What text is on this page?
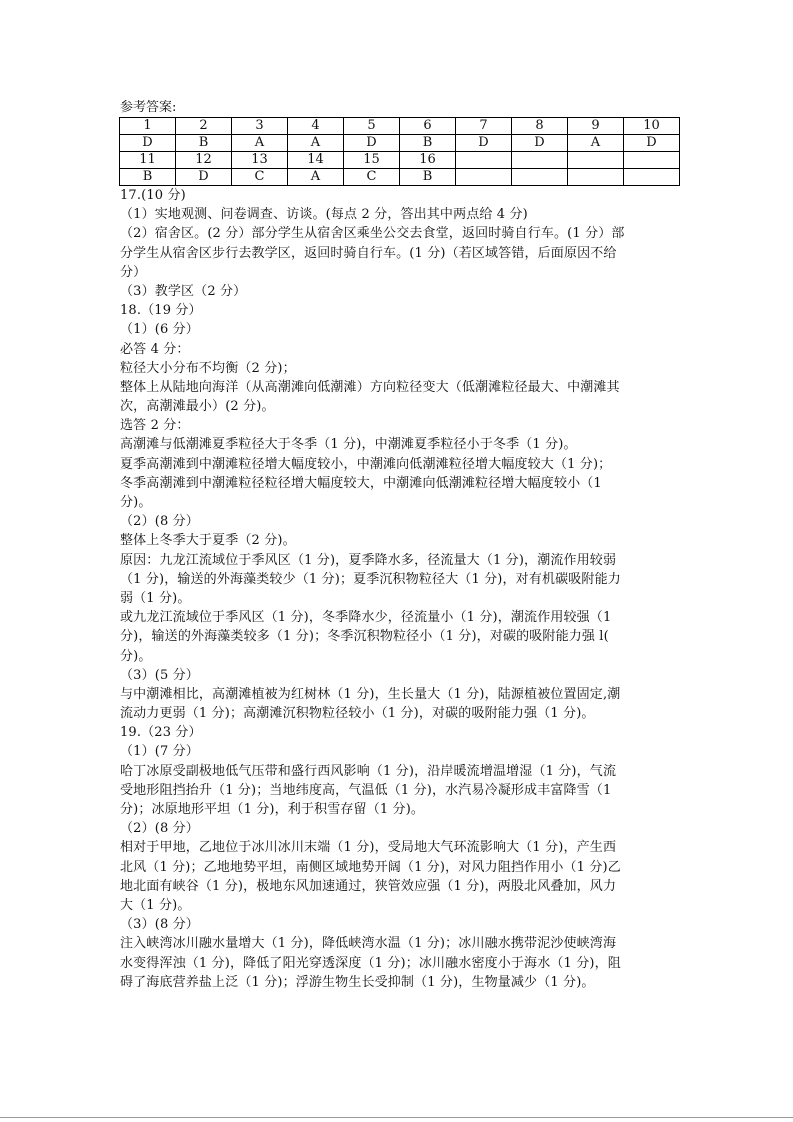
参考答案:
1	2	3	4	5	6	7	8	9	10
D	B	A	A	D	B	D	D	A	D
11	12	13	14	15	16				
B	D	C	A	C	B				
17.(10 分)
（1）实地观测、问卷调查、访谈。(每点 2 分，答出其中两点给 4 分)
（2）宿舍区。(2 分）部分学生从宿舍区乘坐公交去食堂，返回时骑自行车。(1 分）部
分学生从宿舍区步行去教学区，返回时骑自行车。(1 分)（若区域答错，后面原因不给
分）
（3）教学区（2 分）
18.（19 分）
（1）(6 分）
必答 4 分：
粒径大小分布不均衡（2 分)；
整体上从陆地向海洋（从高潮滩向低潮滩）方向粒径变大（低潮滩粒径最大、中潮滩其
次，高潮滩最小）(2 分)。
选答 2 分：
高潮滩与低潮滩夏季粒径大于冬季（1 分)，中潮滩夏季粒径小于冬季（1 分)。
夏季高潮滩到中潮滩粒径增大幅度较小，中潮滩向低潮滩粒径增大幅度较大（1 分)；
冬季高潮滩到中潮滩粒径粒径增大幅度较大，中潮滩向低潮滩粒径增大幅度较小（1
分)。
（2）(8 分）
整体上冬季大于夏季（2 分)。
原因：九龙江流域位于季风区（1 分)，夏季降水多，径流量大（1 分)，潮流作用较弱
（1 分)，输送的外海藻类较少（1 分)；夏季沉积物粒径大（1 分)，对有机碳吸附能力
弱（1 分)。
或九龙江流域位于季风区（1 分)，冬季降水少，径流量小（1 分)，潮流作用较强（1
分)，输送的外海藻类较多（1 分)；冬季沉积物粒径小（1 分)，对碳的吸附能力强 l(
分)。
（3）(5 分）
与中潮滩相比，高潮滩植被为红树林（1 分)，生长量大（1 分)，陆源植被位置固定,潮
流动力更弱（1 分)；高潮滩沉积物粒径较小（1 分)，对碳的吸附能力强（1 分)。
19.（23 分）
（1）(7 分）
哈丁冰原受副极地低气压带和盛行西风影响（1 分)，沿岸暖流增温增湿（1 分)，气流
受地形阻挡抬升（1 分)；当地纬度高，气温低（1 分)，水汽易冷凝形成丰富降雪（1
分)；冰原地形平坦（1 分)，利于积雪存留（1 分)。
（2）(8 分）
相对于甲地，乙地位于冰川冰川末端（1 分)，受局地大气环流影响大（1 分)，产生西
北风（1 分)；乙地地势平坦，南侧区域地势开阔（1 分)，对风力阻挡作用小（1 分)乙
地北面有峡谷（1 分)，极地东风加速通过，狭管效应强（1 分)，两股北风叠加，风力
大（1 分)。
（3）(8 分）
注入峡湾冰川融水量增大（1 分)，降低峡湾水温（1 分)；冰川融水携带泥沙使峡湾海
水变得浑浊（1 分)，降低了阳光穿透深度（1 分)；冰川融水密度小于海水（1 分)，阻
碍了海底营养盐上泛（1 分)；浮游生物生长受抑制（1 分)，生物量减少（1 分)。
